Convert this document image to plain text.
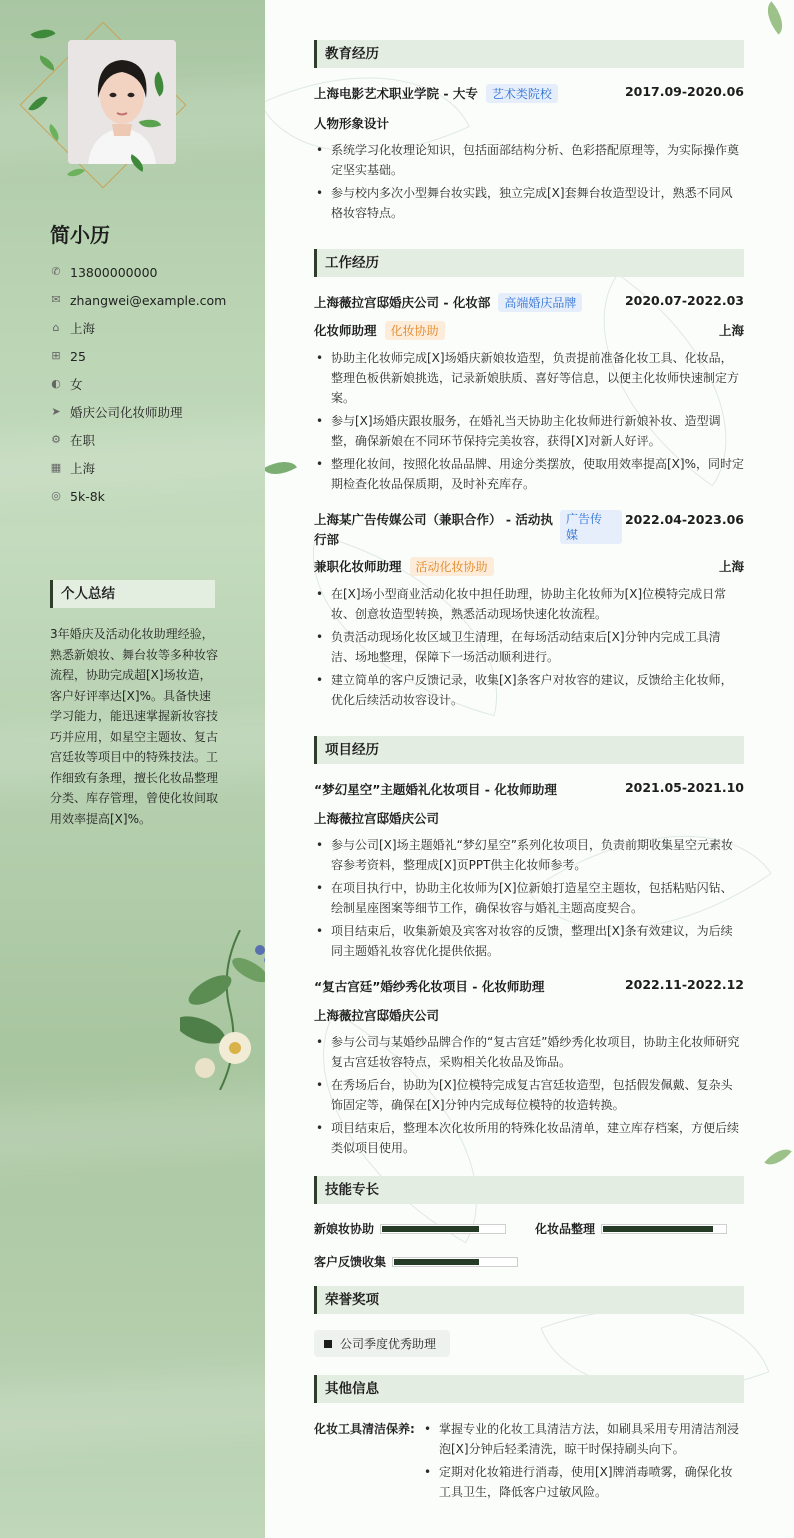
简小历
✆ 13800000000
✉ zhangwei@example.com
⌂ 上海
⊞ 25
◐ 女
➤ 婚庆公司化妆师助理
⚙ 在职
▦ 上海
◎ 5k-8k
个人总结
3年婚庆及活动化妆助理经验，熟悉新娘妆、舞台妆等多种妆容流程，协助完成超[X]场妆造，客户好评率达[X]%。具备快速学习能力，能迅速掌握新妆容技巧并应用，如星空主题妆、复古宫廷妆等项目中的特殊技法。工作细致有条理，擅长化妆品整理分类、库存管理，曾使化妆间取用效率提高[X]%。
教育经历
上海电影艺术职业学院 - 大专 艺术类院校	2017.09-2020.06
人物形象设计
• 系统学习化妆理论知识，包括面部结构分析、色彩搭配原理等，为实际操作奠定坚实基础。
• 参与校内多次小型舞台妆实践，独立完成[X]套舞台妆造型设计，熟悉不同风格妆容特点。
工作经历
上海薇拉宫邸婚庆公司 - 化妆部 高端婚庆品牌	2020.07-2022.03
化妆师助理 化妆协助	上海
• 协助主化妆师完成[X]场婚庆新娘妆造型，负责提前准备化妆工具、化妆品，整理色板供新娘挑选，记录新娘肤质、喜好等信息，以便主化妆师快速制定方案。
• 参与[X]场婚庆跟妆服务，在婚礼当天协助主化妆师进行新娘补妆、造型调整，确保新娘在不同环节保持完美妆容，获得[X]对新人好评。
• 整理化妆间，按照化妆品品牌、用途分类摆放，使取用效率提高[X]%，同时定期检查化妆品保质期，及时补充库存。
上海某广告传媒公司（兼职合作） - 活动执
行部
广告传
媒
2022.04-2023.06
兼职化妆师助理 活动化妆协助	上海
• 在[X]场小型商业活动化妆中担任助理，协助主化妆师为[X]位模特完成日常妆、创意妆造型转换，熟悉活动现场快速化妆流程。
• 负责活动现场化妆区域卫生清理，在每场活动结束后[X]分钟内完成工具清洁、场地整理，保障下一场活动顺利进行。
• 建立简单的客户反馈记录，收集[X]条客户对妆容的建议，反馈给主化妆师，优化后续活动妆容设计。
项目经历
“梦幻星空”主题婚礼化妆项目 - 化妆师助理	2021.05-2021.10
上海薇拉宫邸婚庆公司
• 参与公司[X]场主题婚礼“梦幻星空”系列化妆项目，负责前期收集星空元素妆容参考资料，整理成[X]页PPT供主化妆师参考。
• 在项目执行中，协助主化妆师为[X]位新娘打造星空主题妆，包括粘贴闪钻、绘制星座图案等细节工作，确保妆容与婚礼主题高度契合。
• 项目结束后，收集新娘及宾客对妆容的反馈，整理出[X]条有效建议，为后续同主题婚礼妆容优化提供依据。
“复古宫廷”婚纱秀化妆项目 - 化妆师助理	2022.11-2022.12
上海薇拉宫邸婚庆公司
• 参与公司与某婚纱品牌合作的“复古宫廷”婚纱秀化妆项目，协助主化妆师研究复古宫廷妆容特点，采购相关化妆品及饰品。
• 在秀场后台，协助为[X]位模特完成复古宫廷妆造型，包括假发佩戴、复杂头饰固定等，确保在[X]分钟内完成每位模特的妆造转换。
• 项目结束后，整理本次化妆所用的特殊化妆品清单，建立库存档案，方便后续类似项目使用。
技能专长
新娘妆协助	化妆品整理
客户反馈收集
荣誉奖项
公司季度优秀助理
其他信息
化妆工具清洁保养:
•	掌握专业的化妆工具清洁方法，如刷具采用专用清洁剂浸泡[X]分钟后轻柔清洗，晾干时保持刷头向下。
• 定期对化妆箱进行消毒，使用[X]牌消毒喷雾，确保化妆工具卫生，降低客户过敏风险。
